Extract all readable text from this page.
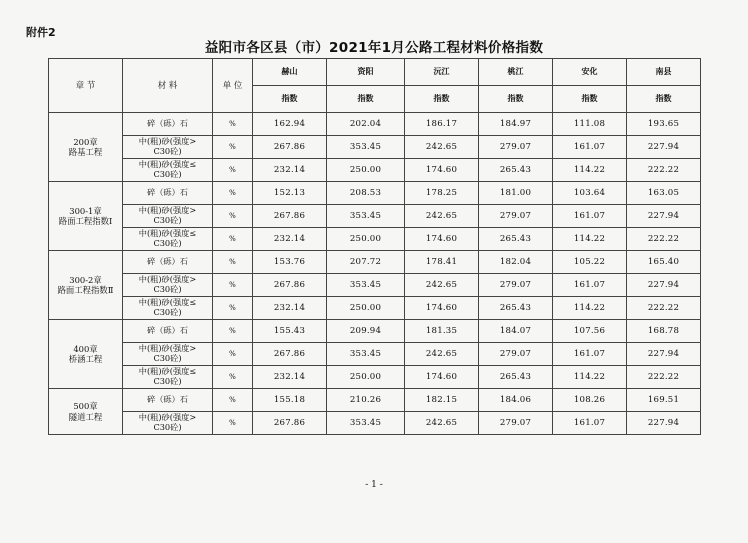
附件2
益阳市各区县（市）2021年1月公路工程材料价格指数
章 节	材 料	单 位	赫山	资阳	沅江	桃江	安化	南县
			指数	指数	指数	指数	指数	指数

200章
路基工程	碎（砾）石	%	162.94	202.04	186.17	184.97	111.08	193.65

	中(粗)砂(强度>
C30砼)	%	267.86	353.45	242.65	279.07	161.07	227.94

	中(粗)砂(强度≤
C30砼)	%	232.14	250.00	174.60	265.43	114.22	222.22

300-1章
路面工程指数Ⅰ	碎（砾）石	%	152.13	208.53	178.25	181.00	103.64	163.05

	中(粗)砂(强度>
C30砼)	%	267.86	353.45	242.65	279.07	161.07	227.94

	中(粗)砂(强度≤
C30砼)	%	232.14	250.00	174.60	265.43	114.22	222.22

300-2章
路面工程指数Ⅱ	碎（砾）石	%	153.76	207.72	178.41	182.04	105.22	165.40

	中(粗)砂(强度>
C30砼)	%	267.86	353.45	242.65	279.07	161.07	227.94

	中(粗)砂(强度≤
C30砼)	%	232.14	250.00	174.60	265.43	114.22	222.22

400章
桥涵工程	碎（砾）石	%	155.43	209.94	181.35	184.07	107.56	168.78

	中(粗)砂(强度>
C30砼)	%	267.86	353.45	242.65	279.07	161.07	227.94

	中(粗)砂(强度≤
C30砼)	%	232.14	250.00	174.60	265.43	114.22	222.22

500章
隧道工程	碎（砾）石	%	155.18	210.26	182.15	184.06	108.26	169.51

	中(粗)砂(强度>
C30砼)	%	267.86	353.45	242.65	279.07	161.07	227.94
- 1 -
